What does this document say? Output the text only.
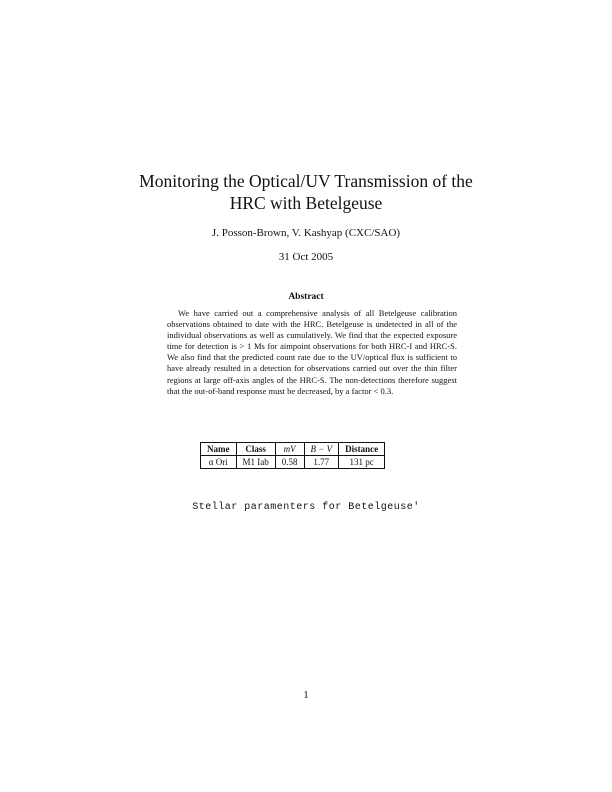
Monitoring the Optical/UV Transmission of the
HRC with Betelgeuse
J. Posson-Brown, V. Kashyap (CXC/SAO)
31 Oct 2005
Abstract

We have carried out a comprehensive analysis of all Betelgeuse calibration observations obtained to date with the HRC. Betelgeuse is undetected in all of the individual observations as well as cumulatively. We find that the expected exposure time for detection is > 1 Ms for aimpoint observations for both HRC-I and HRC-S. We also find that the predicted count rate due to the UV/optical flux is sufficient to have already resulted in a detection for observations carried out over the thin filter regions at large off-axis angles of the HRC-S. The non-detections therefore suggest that the out-of-band response must be decreased, by a factor < 0.3.

Name	Class	mV	B − V	Distance
α Ori	M1 Iab	0.58	1.77	131 pc
Stellar paramenters for Betelgeuse'
1
